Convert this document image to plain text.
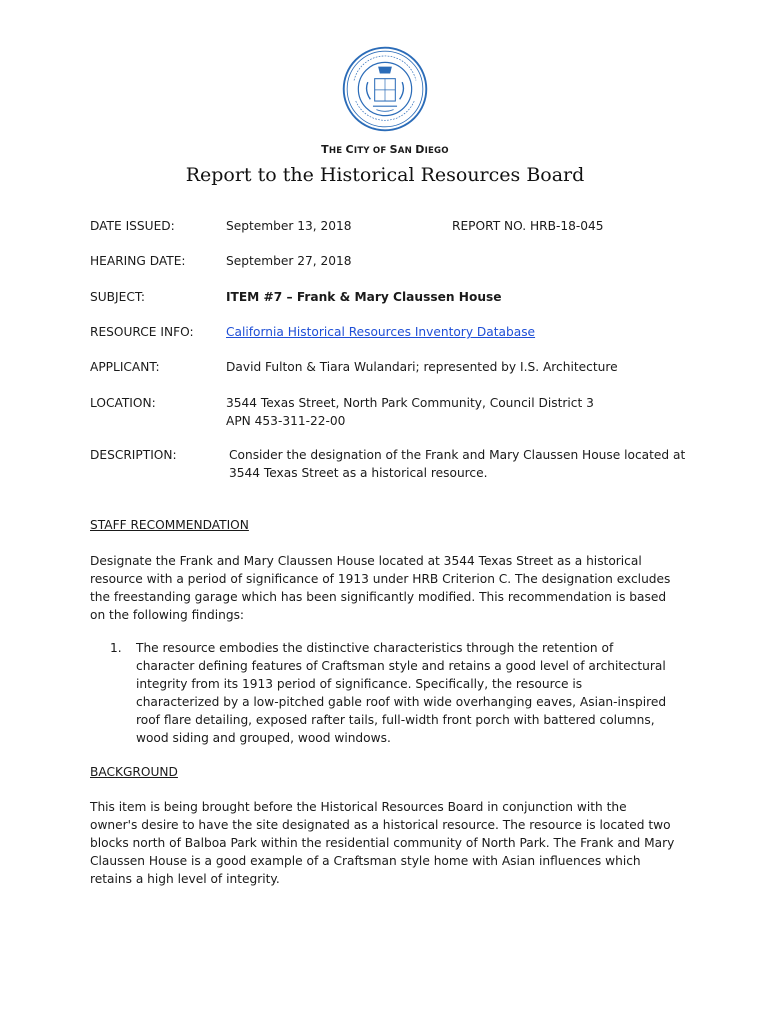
THE CITY OF SAN DIEGO
Report to the Historical Resources Board
DATE ISSUED:	September 13, 2018	REPORT NO. HRB-18-045
HEARING DATE:	September 27, 2018
SUBJECT:	ITEM #7 – Frank & Mary Claussen House
RESOURCE INFO:	California Historical Resources Inventory Database
APPLICANT:	David Fulton & Tiara Wulandari; represented by I.S. Architecture
LOCATION:	3544 Texas Street, North Park Community, Council District 3
APN 453-311-22-00
DESCRIPTION:	Consider the designation of the Frank and Mary Claussen House located at 3544 Texas Street as a historical resource.
STAFF RECOMMENDATION
Designate the Frank and Mary Claussen House located at 3544 Texas Street as a historical resource with a period of significance of 1913 under HRB Criterion C. The designation excludes the freestanding garage which has been significantly modified. This recommendation is based on the following findings:
1. The resource embodies the distinctive characteristics through the retention of character defining features of Craftsman style and retains a good level of architectural integrity from its 1913 period of significance. Specifically, the resource is characterized by a low-pitched gable roof with wide overhanging eaves, Asian-inspired roof flare detailing, exposed rafter tails, full-width front porch with battered columns, wood siding and grouped, wood windows.
BACKGROUND
This item is being brought before the Historical Resources Board in conjunction with the owner's desire to have the site designated as a historical resource. The resource is located two blocks north of Balboa Park within the residential community of North Park. The Frank and Mary Claussen House is a good example of a Craftsman style home with Asian influences which retains a high level of integrity.
